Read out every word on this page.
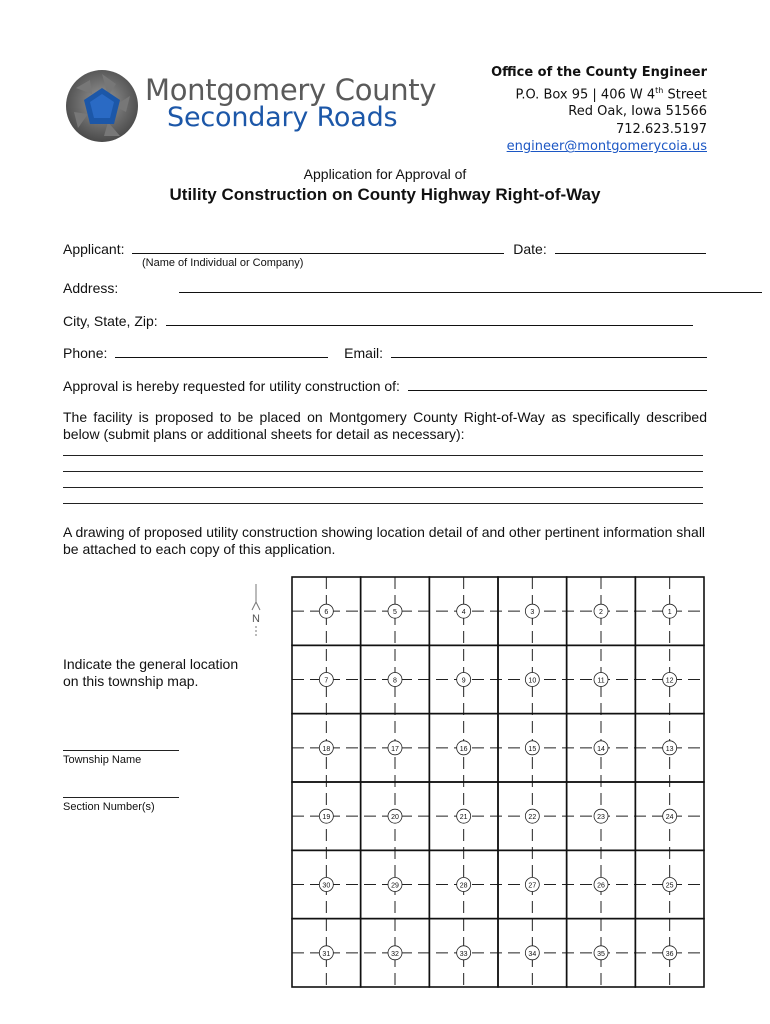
Montgomery County
Secondary Roads
Office of the County Engineer
P.O. Box 95 | 406 W 4th Street
Red Oak, Iowa 51566
712.623.5197
engineer@montgomerycoia.us
Application for Approval of
Utility Construction on County Highway Right-of-Way
Applicant:	Date:
(Name of Individual or Company)
Address:
City, State, Zip:
Phone:	Email:
Approval is hereby requested for utility construction of:
The facility is proposed to be placed on Montgomery County Right-of-Way as specifically described below (submit plans or additional sheets for detail as necessary):
A drawing of proposed utility construction showing location detail of and other pertinent information shall be attached to each copy of this application.
Indicate the general location on this township map.
Township Name
Section Number(s)
N
6	5	4	3	2	1
7	8	9	10	11	12
18	17	16	15	14	13
19	20	21	22	23	24
30	29	28	27	26	25
31	32	33	34	35	36
